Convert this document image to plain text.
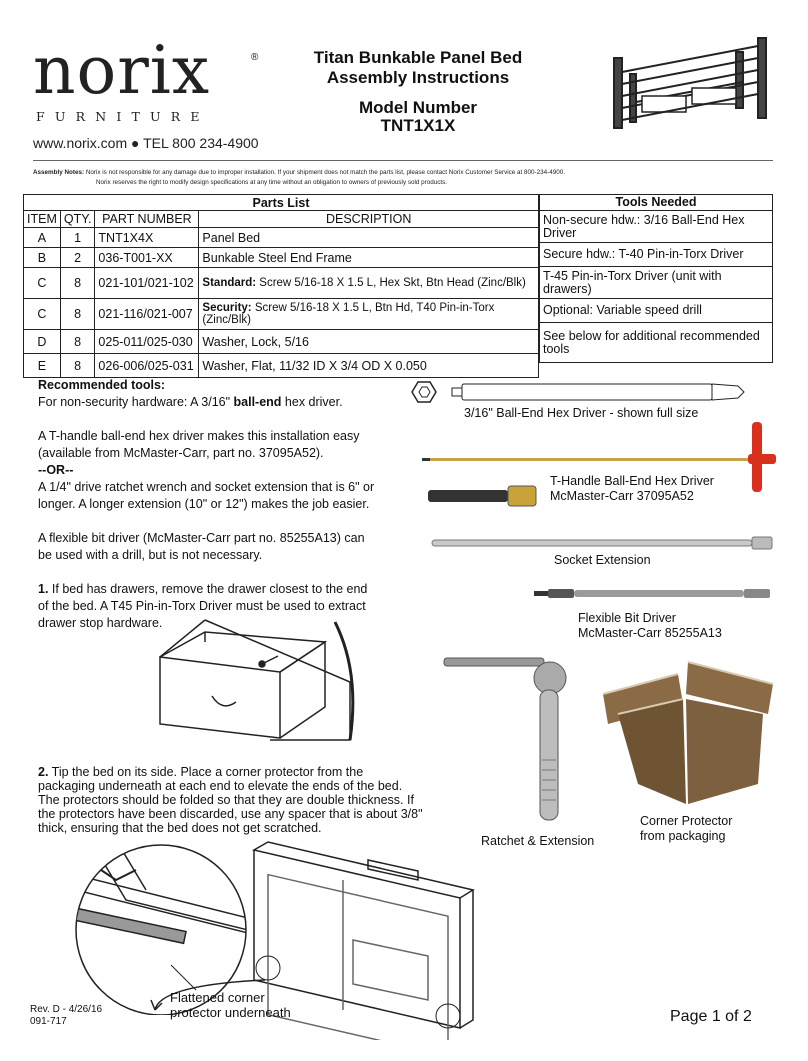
norix	®
FURNITURE
www.norix.com ● TEL 800 234-4900
Titan Bunkable Panel Bed
Assembly Instructions
Model Number
TNT1X1X
Assembly Notes: Norix is not responsible for any damage due to improper installation. If your shipment does not match the parts list, please contact Norix Customer Service at 800-234-4900.
Norix reserves the right to modify design specifications at any time without an obligation to owners of previously sold products.
Parts List			
ITEM	QTY.	PART NUMBER	DESCRIPTION
A	1	TNT1X4X	Panel Bed
B	2	036-T001-XX	Bunkable Steel End Frame
C	8	021-101/021-102	Standard: Screw 5/16-18 X 1.5 L, Hex Skt, Btn Head (Zinc/Blk)
C	8	021-116/021-007	Security: Screw 5/16-18 X 1.5 L, Btn Hd, T40 Pin-in-Torx (Zinc/Blk)
D	8	025-011/025-030	Washer, Lock, 5/16
E	8	026-006/025-031	Washer, Flat, 11/32 ID X 3/4 OD X 0.050
Tools Needed
Non-secure hdw.: 3/16 Ball-End Hex Driver
Secure hdw.: T-40 Pin-in-Torx Driver
T-45 Pin-in-Torx Driver (unit with drawers)
Optional: Variable speed drill
See below for additional recommended tools
Recommended tools:
For non-security hardware: A 3/16" ball-end hex driver.
A T-handle ball-end hex driver makes this installation easy
(available from McMaster-Carr, part no. 37095A52).
--OR--
A 1/4" drive ratchet wrench and socket extension that is 6" or
longer. A longer extension (10" or 12") makes the job easier.
A flexible bit driver (McMaster-Carr part no. 85255A13) can
be used with a drill, but is not necessary.
1. If bed has drawers, remove the drawer closest to the end
of the bed. A T45 Pin-in-Torx Driver must be used to extract
drawer stop hardware.
2. Tip the bed on its side. Place a corner protector from the
packaging underneath at each end to elevate the ends of the bed.
The protectors should be folded so that they are double thickness. If
the protectors have been discarded, use any spacer that is about 3/8"
thick, ensuring that the bed does not get scratched.
Flattened corner
protector underneath
3/16" Ball-End Hex Driver - shown full size
T-Handle Ball-End Hex Driver
McMaster-Carr 37095A52
Socket Extension
Flexible Bit Driver
McMaster-Carr 85255A13
Ratchet & Extension
Corner Protector
from packaging
Rev. D - 4/26/16
091-717	Page 1 of 2
